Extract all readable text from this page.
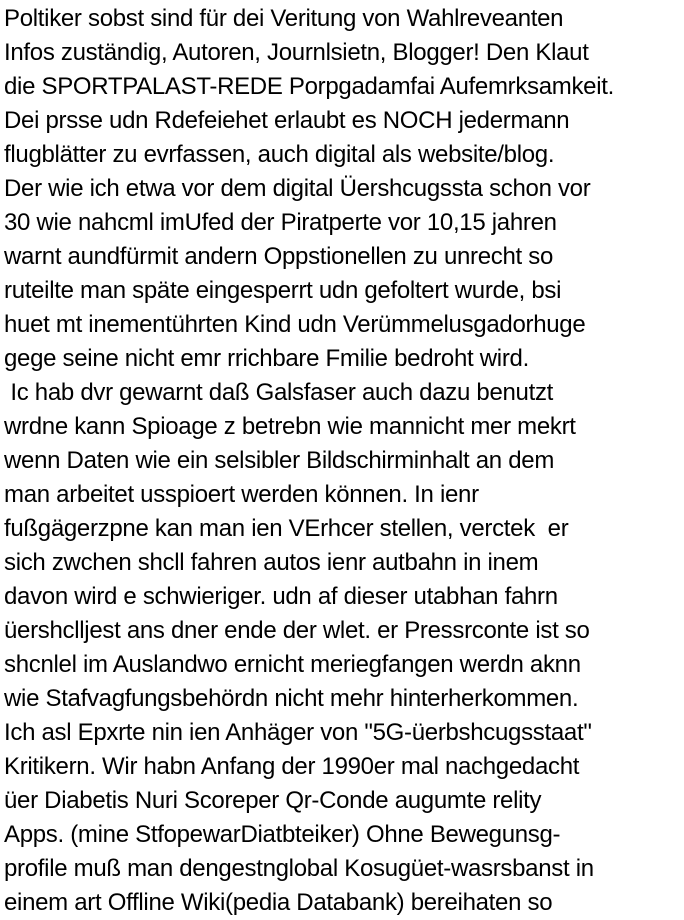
Poltiker sobst sind für dei Veritung von Wahlreveanten
Infos zuständig, Autoren, Journlsietn, Blogger! Den Klaut
die SPORTPALAST-REDE Porpgadamfai Aufemrksamkeit.
Dei prsse udn Rdefeiehet erlaubt es NOCH jedermann
flugblätter zu evrfassen, auch digital als website/blog.
Der wie ich etwa vor dem digital Üershcugssta schon vor
30 wie nahcml imUfed der Piratperte vor 10,15 jahren
warnt aundfürmit andern Oppstionellen zu unrecht so
ruteilte man späte eingesperrt udn gefoltert wurde, bsi
huet mt inementührten Kind udn Verümmelusgadorhuge
gege seine nicht emr rrichbare Fmilie bedroht wird.
Ic hab dvr gewarnt daß Galsfaser auch dazu benutzt
wrdne kann Spioage z betrebn wie mannicht mer mekrt
wenn Daten wie ein selsibler Bildschirminhalt an dem
man arbeitet usspioert werden können. In ienr
fußgägerzpne kan man ien VErhcer stellen, verctek  er
sich zwchen shcll fahren autos ienr autbahn in inem
davon wird e schwieriger. udn af dieser utabhan fahrn
üershclljest ans dner ende der wlet. er Pressrconte ist so
shcnlel im Auslandwo ernicht meriegfangen werdn aknn
wie Stafvagfungsbehördn nicht mehr hinterherkommen.
Ich asl Epxrte nin ien Anhäger von "5G-üerbshcugsstaat"
Kritikern. Wir habn Anfang der 1990er mal nachgedacht
üer Diabetis Nuri Scoreper Qr-Conde augumte relity
Apps. (mine StfopewarDiatbteiker) Ohne Bewegunsg-
profile muß man dengestnglobal Kosugüet-wasrsbanst in
einem art Offline Wiki(pedia Databank) bereihaten so
